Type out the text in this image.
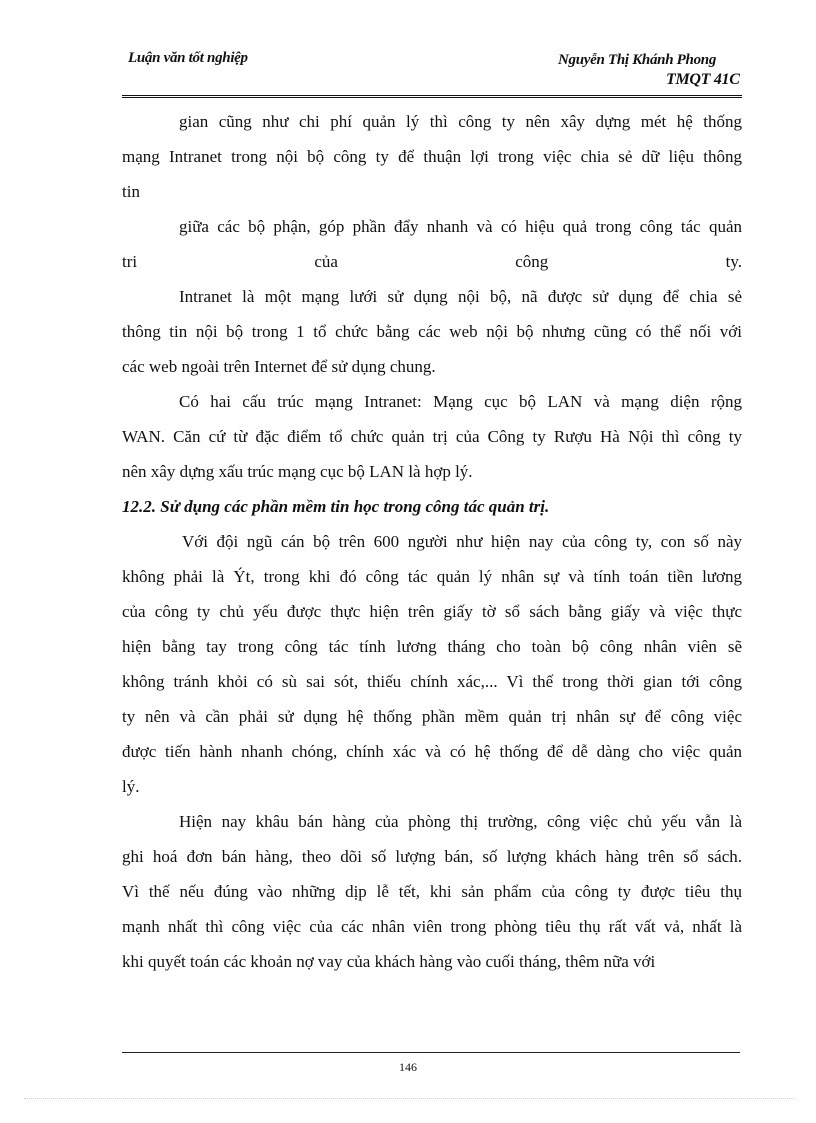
Luận văn tốt nghiệp	Nguyễn Thị Khánh Phong
TMQT 41C
gian cũng như chi phí quản lý thì công ty nên xây dựng mét hệ thống
mạng Intranet trong nội bộ công ty để thuận lợi trong việc chia sẻ dữ liệu thông
tin
giữa các bộ phận, góp phần đẩy nhanh và có hiệu quả trong công tác quản
tri	của	công	ty.
Intranet là một mạng lưới sử dụng nội bộ, nã được sử dụng để chia sẻ
thông tin nội bộ trong 1 tổ chức bằng các web nội bộ nhưng cũng có thể nối với
các web ngoài trên Internet để sử dụng chung.
Có hai cấu trúc mạng Intranet: Mạng cục bộ LAN và mạng diện rộng
WAN. Căn cứ từ đặc điểm tổ chức quản trị của Công ty Rượu Hà Nội thì công ty
nên xây dựng xấu trúc mạng cục bộ LAN là hợp lý.
12.2. Sử dụng các phần mềm tin học trong công tác quản trị.
Với đội ngũ cán bộ trên 600 người như hiện nay của công ty, con số này
không phải là Ýt, trong khi đó công tác quản lý nhân sự và tính toán tiền lương
của công ty chủ yếu được thực hiện trên giấy tờ sổ sách bằng giấy và việc thực
hiện bằng tay trong công tác tính lương tháng cho toàn bộ công nhân viên sẽ
không tránh khỏi có sù sai sót, thiếu chính xác,... Vì thế trong thời gian tới công
ty nên và cần phải sử dụng hệ thống phần mềm quản trị nhân sự để công việc
được tiến hành nhanh chóng, chính xác và có hệ thống để dễ dàng cho việc quản
lý.
Hiện nay khâu bán hàng của phòng thị trường, công việc chủ yếu vẫn là
ghi hoá đơn bán hàng, theo dõi số lượng bán, số lượng khách hàng trên sổ sách.
Vì thế nếu đúng vào những dịp lễ tết, khi sản phẩm của công ty được tiêu thụ
mạnh nhất thì công việc của các nhân viên trong phòng tiêu thụ rất vất vả, nhất là
khi quyết toán các khoản nợ vay của khách hàng vào cuối tháng, thêm nữa với
146
